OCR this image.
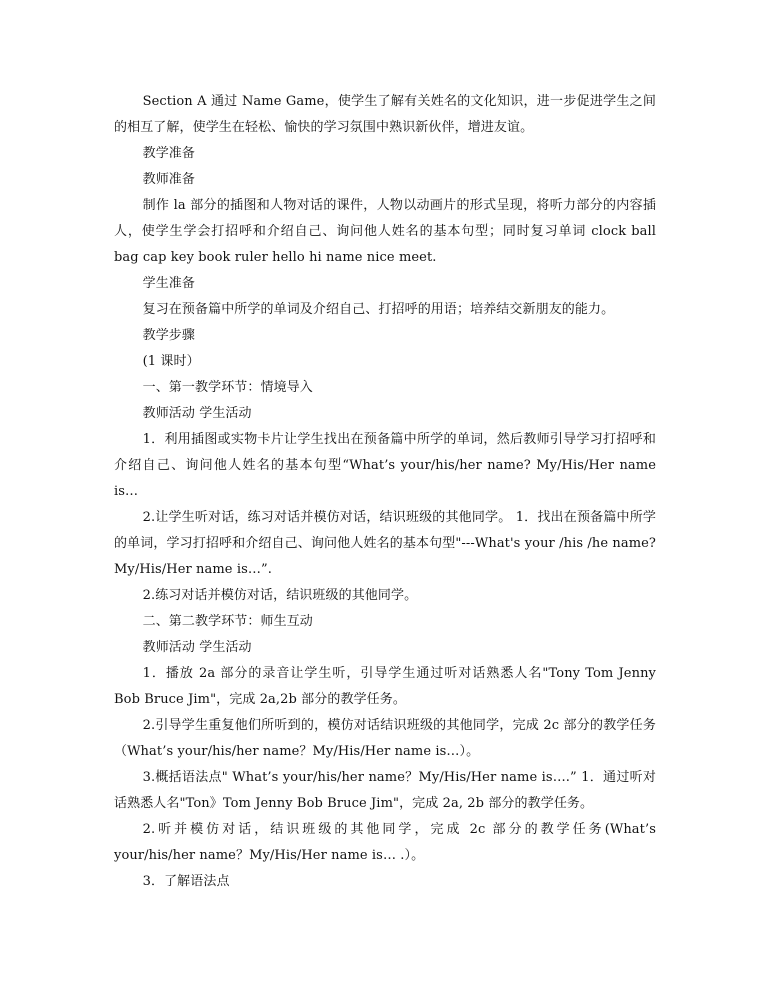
Section A 通过 Name Game，使学生了解有关姓名的文化知识，进一步促进学生之间的相互了解，使学生在轻松、愉快的学习氛围中熟识新伙伴，增进友谊。

教学准备

教师准备

制作 la 部分的插图和人物对话的课件，人物以动画片的形式呈现，将听力部分的内容插人，使学生学会打招呼和介绍自己、询问他人姓名的基本句型；同时复习单词 clock ball bag cap key book ruler hello hi name nice meet.

学生准备

复习在预备篇中所学的单词及介绍自己、打招呼的用语；培养结交新朋友的能力。

教学步骤

(1 课时）

一、第一教学环节：情境导入

教师活动 学生活动

1．利用插图或实物卡片让学生找出在预备篇中所学的单词，然后教师引导学习打招呼和介绍自己、询问他人姓名的基本句型“What’s your/his/her name? My/His/Her name is…

2.让学生听对话，练习对话并模仿对话，结识班级的其他同学。 1．找出在预备篇中所学的单词，学习打招呼和介绍自己、询问他人姓名的基本句型"---What's your /his /he name? My/His/Her name is…”.

2.练习对话并模仿对话，结识班级的其他同学。

二、第二教学环节：师生互动

教师活动 学生活动

1．播放 2a 部分的录音让学生听，引导学生通过听对话熟悉人名"Tony Tom Jenny Bob Bruce Jim"，完成 2a,2b 部分的教学任务。

2.引导学生重复他们所听到的，模仿对话结识班级的其他同学，完成 2c 部分的教学任务（What’s your/his/her name？My/His/Her name is…）。

3.概括语法点" What’s your/his/her name？My/His/Her name is….” 1．通过听对话熟悉人名"Ton》Tom Jenny Bob Bruce Jim"，完成 2a, 2b 部分的教学任务。

2.听并模仿对话，结识班级的其他同学，完成 2c 部分的教学任务(What’s your/his/her name？My/His/Her name is… .）。

3．了解语法点
